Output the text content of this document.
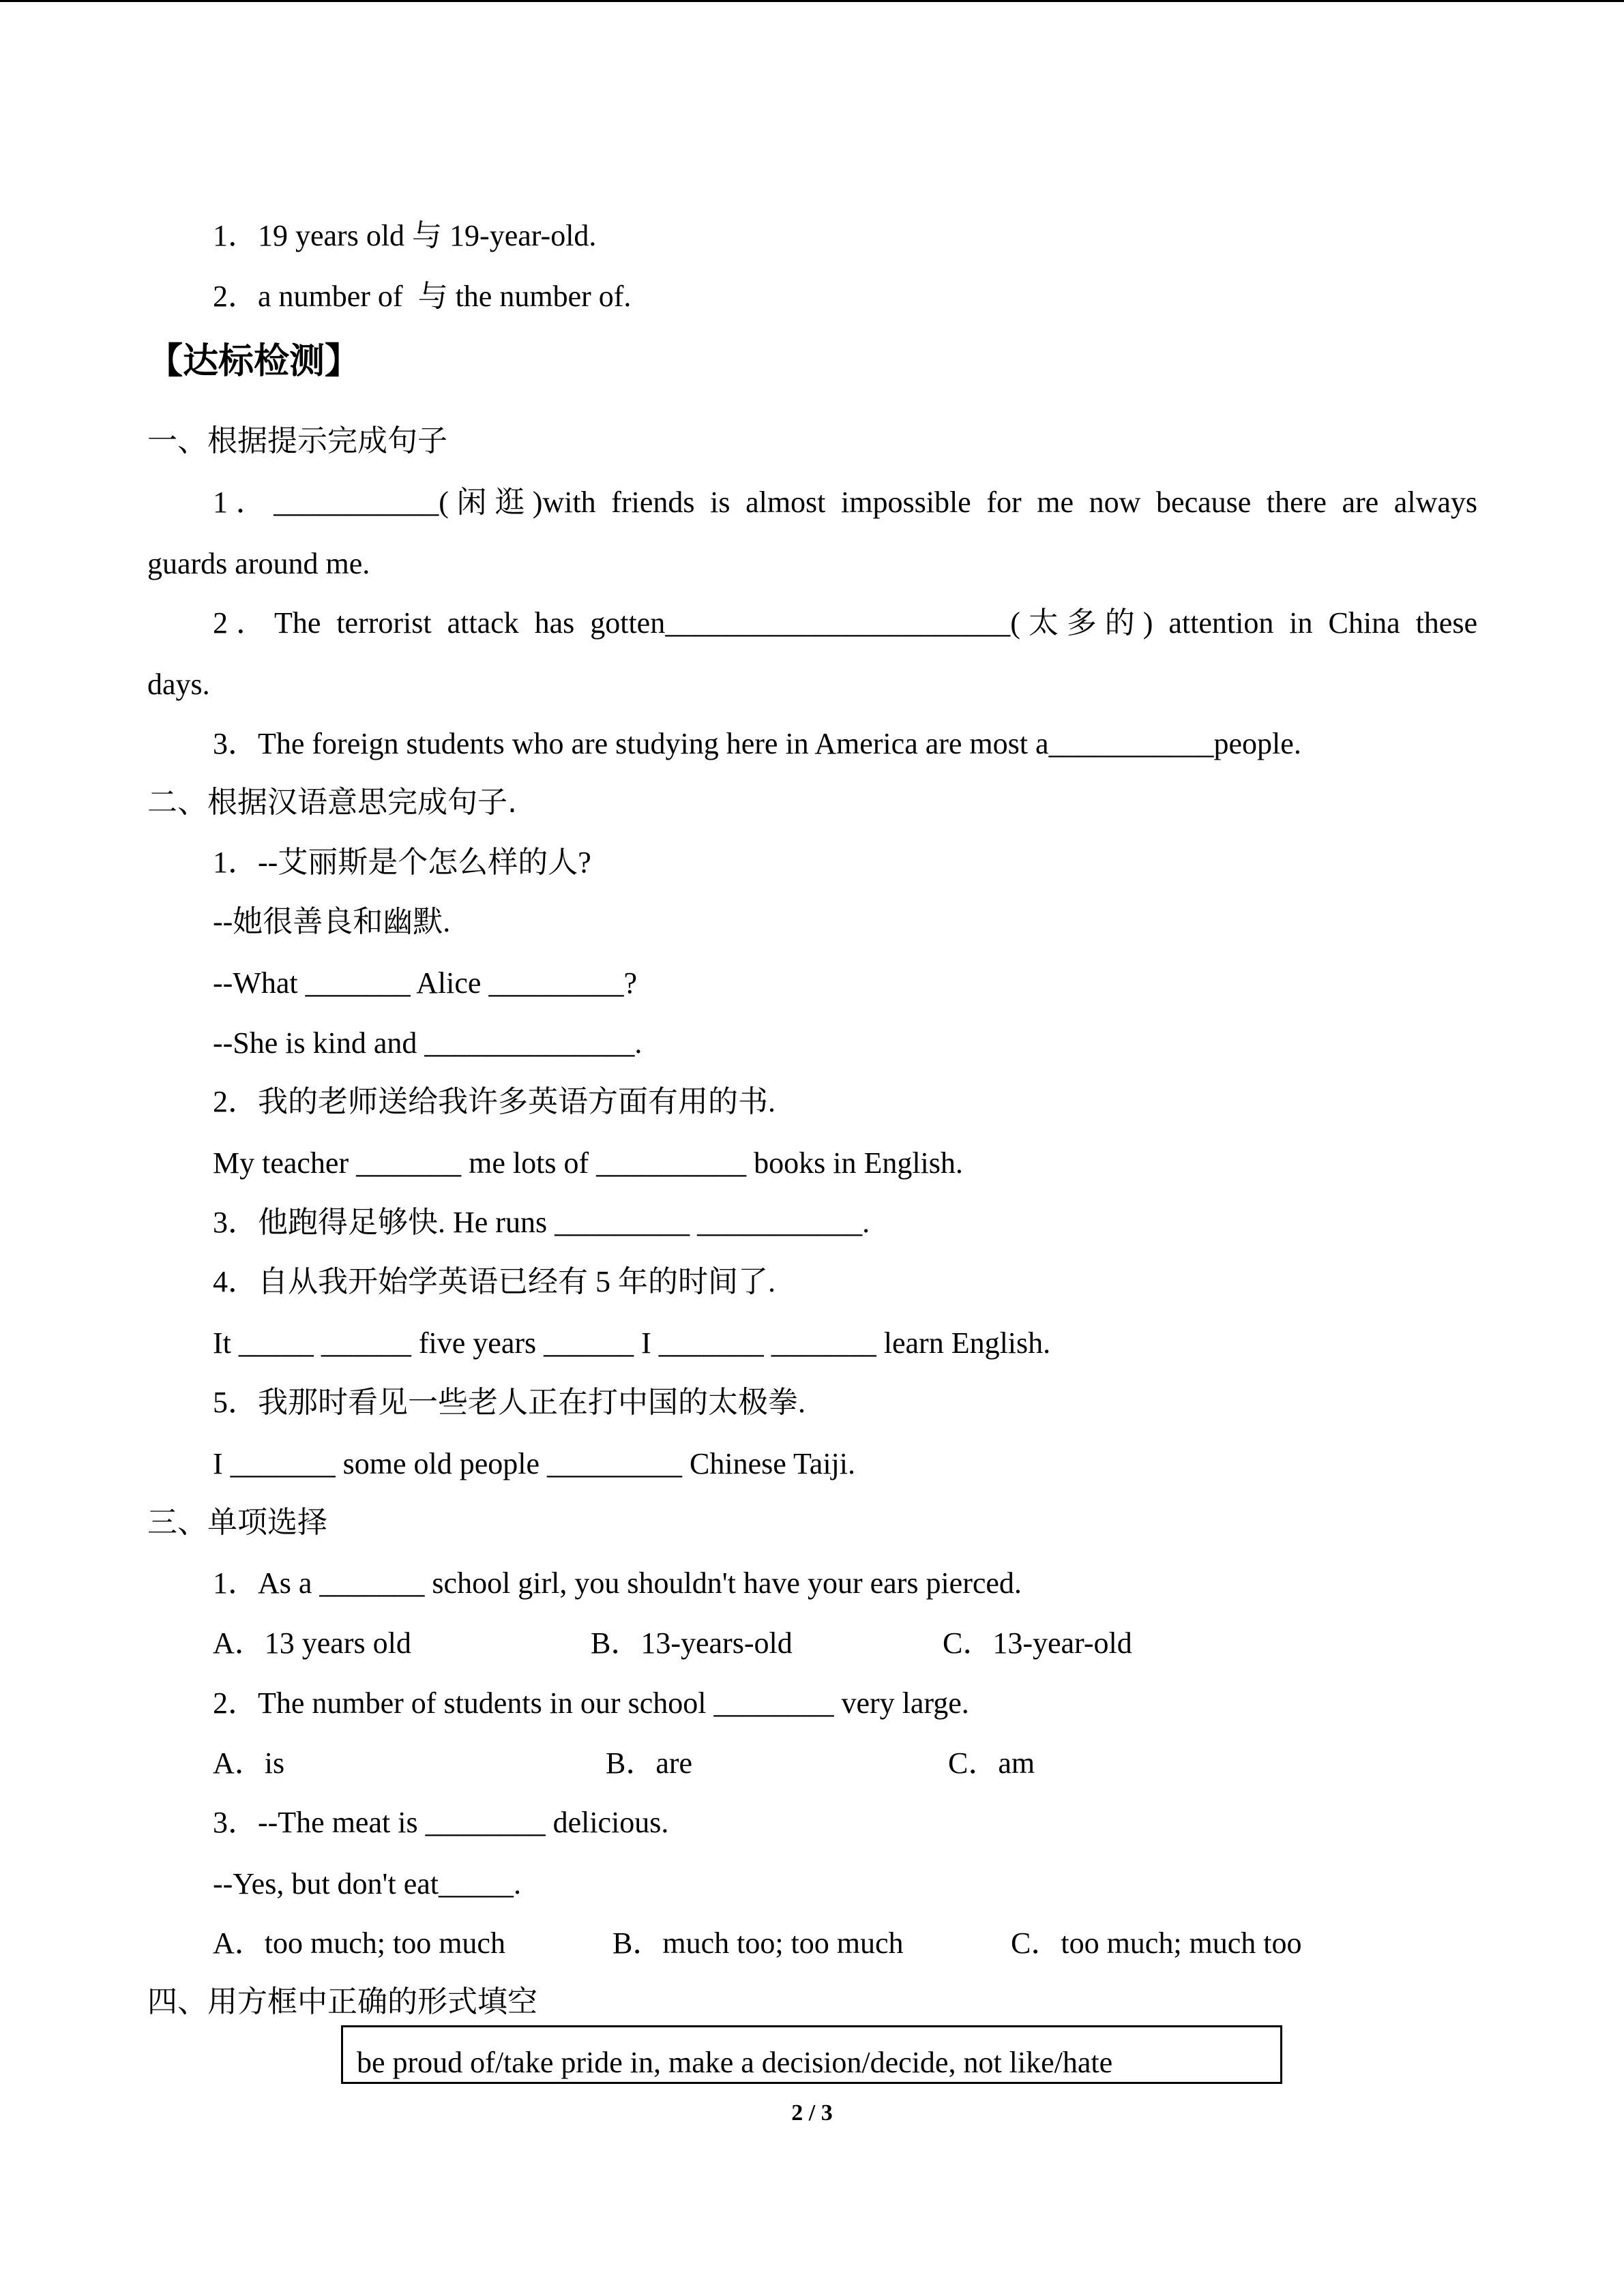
1．19 years old 与 19-year-old.
2．a number of  与 the number of.
【达标检测】
一、根据提示完成句子
1．___________(闲逛)with friends is almost impossible for me now because there are always
guards around me.
2．The terrorist attack has gotten_______________________(太多的) attention in China these
days.
3．The foreign students who are studying here in America are most a___________people.
二、根据汉语意思完成句子.
1．--艾丽斯是个怎么样的人?
--她很善良和幽默.
--What _______ Alice _________?
--She is kind and ______________.
2．我的老师送给我许多英语方面有用的书.
My teacher _______ me lots of __________ books in English.
3．他跑得足够快. He runs _________ ___________.
4．自从我开始学英语已经有 5 年的时间了.
It _____ ______ five years ______ I _______ _______ learn English.
5．我那时看见一些老人正在打中国的太极拳.
I _______ some old people _________ Chinese Taiji.
三、单项选择
1．As a _______ school girl, you shouldn't have your ears pierced.
A．13 years old	B．13-years-old	C．13-year-old
2．The number of students in our school ________ very large.
A．is	B．are	C．am
3．--The meat is ________ delicious.
--Yes, but don't eat_____.
A．too much; too much	B．much too; too much	C．too much; much too
四、用方框中正确的形式填空
be proud of/take pride in, make a decision/decide, not like/hate
2 / 3
